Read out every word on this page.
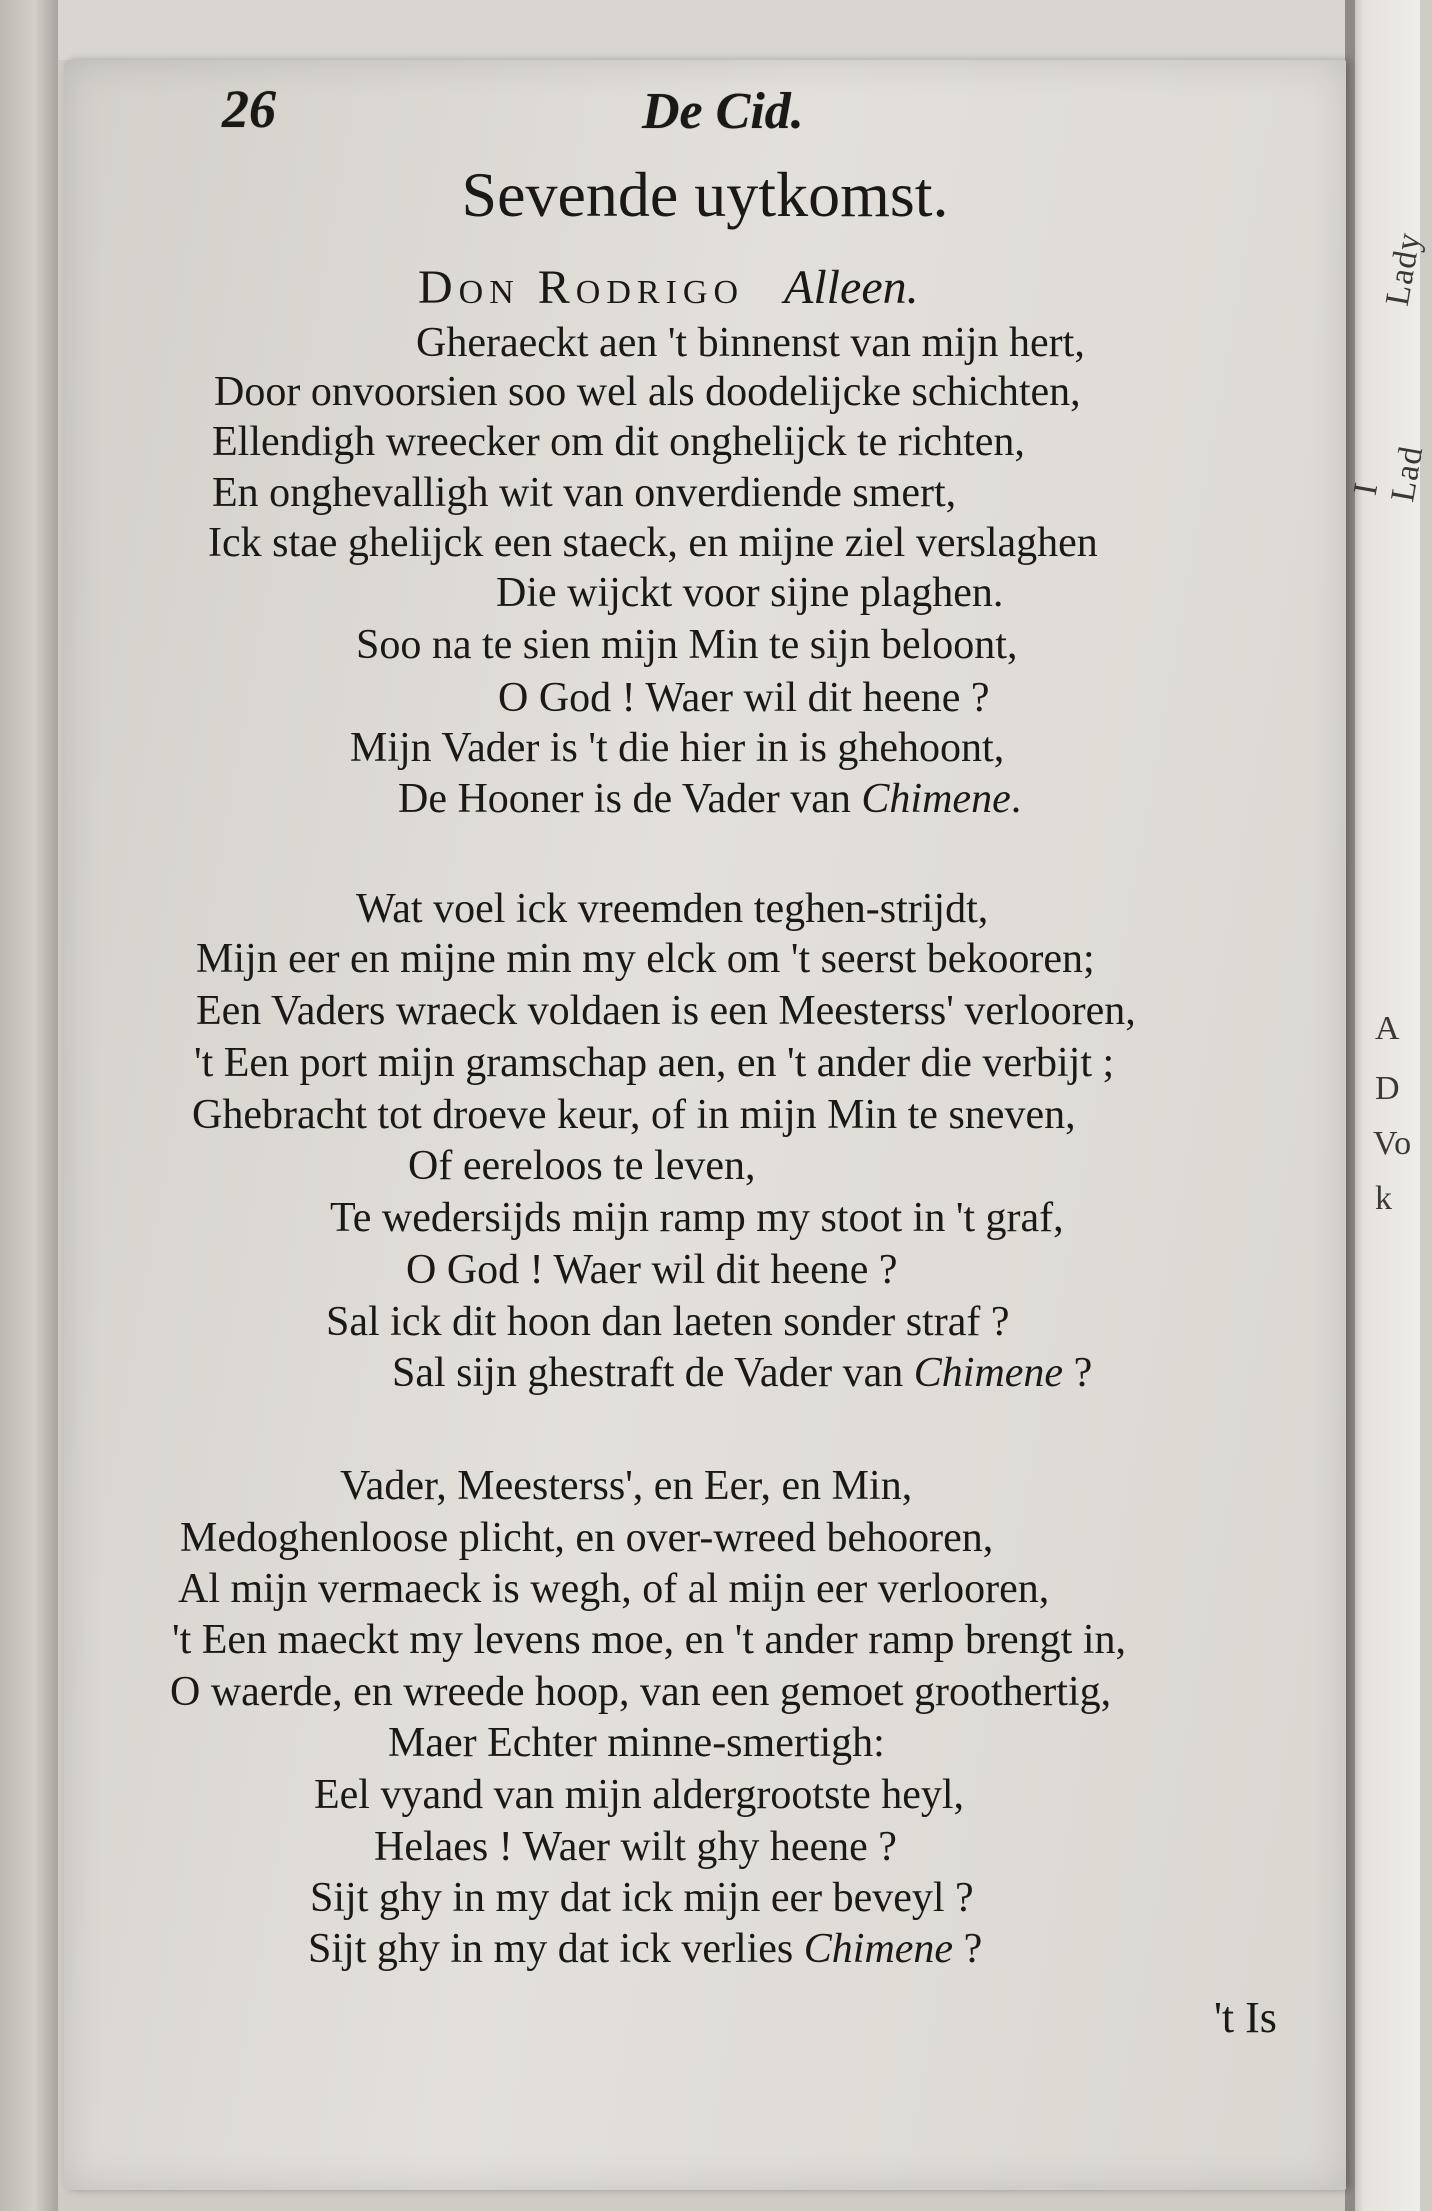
Lady
I Lad
A
D
Vo
k
26	De Cid.
Sevende uytkomst.
Don Rodrigo Alleen.
Gheraeckt aen 't binnenst van mijn hert,
Door onvoorsien soo wel als doodelijcke schichten,
Ellendigh wreecker om dit onghelijck te richten,
En onghevalligh wit van onverdiende smert,
Ick stae ghelijck een staeck, en mijne ziel verslaghen
Die wijckt voor sijne plaghen.
Soo na te sien mijn Min te sijn beloont,
O God ! Waer wil dit heene ?
Mijn Vader is 't die hier in is ghehoont,
De Hooner is de Vader van Chimene.
Wat voel ick vreemden teghen-strijdt,
Mijn eer en mijne min my elck om 't seerst bekooren;
Een Vaders wraeck voldaen is een Meesterss' verlooren,
't Een port mijn gramschap aen, en 't ander die verbijt ;
Ghebracht tot droeve keur, of in mijn Min te sneven,
Of eereloos te leven,
Te wedersijds mijn ramp my stoot in 't graf,
O God ! Waer wil dit heene ?
Sal ick dit hoon dan laeten sonder straf ?
Sal sijn ghestraft de Vader van Chimene ?
Vader, Meesterss', en Eer, en Min,
Medoghenloose plicht, en over-wreed behooren,
Al mijn vermaeck is wegh, of al mijn eer verlooren,
't Een maeckt my levens moe, en 't ander ramp brengt in,
O waerde, en wreede hoop, van een gemoet groothertig,
Maer Echter minne-smertigh:
Eel vyand van mijn aldergrootste heyl,
Helaes ! Waer wilt ghy heene ?
Sijt ghy in my dat ick mijn eer beveyl ?
Sijt ghy in my dat ick verlies Chimene ?
't Is
